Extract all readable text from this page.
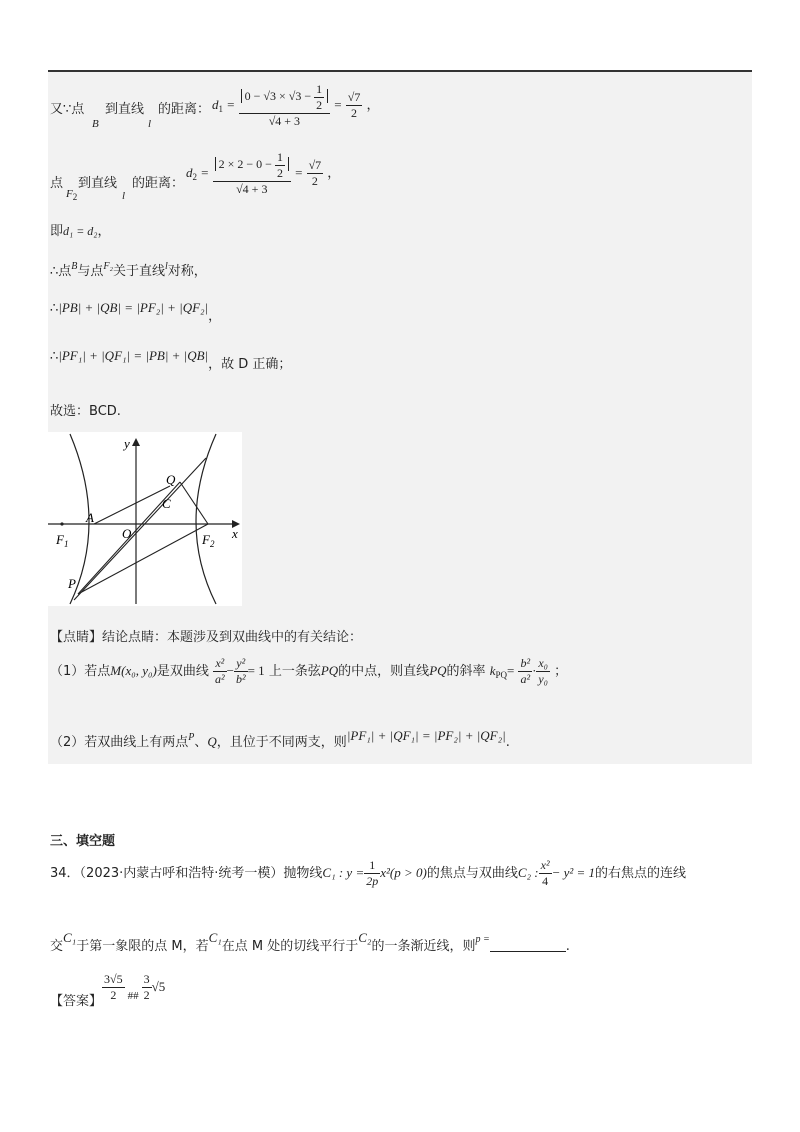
又∵点
B
到直线
l
的距离： $d_1 = \frac{0 - √3 \times √3 - \frac{1}{2}}{√4 + 3} = \frac{√7}{2}$ ，
点
$F_2$
到直线
l
的距离：
$d_2 = \frac{2 \times 2 - 0 - \frac{1}{2}}{√4 + 3} = \frac{√7}{2}$ ，
即d₁ = d₂，
∴点$^B$与点$^{F_2}$关于直线$^l$对称，
∴|PB| + |QB| = |PF₂| + |QF₂|，
∴|PF₁| + |QF₁| = |PB| + |QB|，故 D 正确；
故选：BCD.
y
x
Q
C
A
O
$F_1$	$F_2$
P
【点睛】结论点睛：本题涉及到双曲线中的有关结论：
（1）若点M(x₀, y₀)是双曲线 $\frac{\text{x²}}{\text{a²}} - \frac{\text{y²}}{\text{b²}} = 1$ 上一条弦PQ的中点，则直线PQ的斜率 $k_{PQ}= \frac{\text{b²}}{\text{a²}} \cdot \frac{\text{x₀}}{\text{y₀}}$ ；
（2）若双曲线上有两点$^P$、Q，且位于不同两支，则|PF₁| + |QF₁| = |PF₂| + |QF₂|.
三、填空题
34．（2023·内蒙古呼和浩特·统考一模）抛物线C₁ : $y = \frac{1}{2p} x^2(p > 0)$的焦点与双曲线C₂ : $\frac{\text{x²}}{4} - y^2 = 1$的右焦点的连线
交C₁于第一象限的点 M，若C₁在点 M 处的切线平行于C₂的一条渐近线，则$^{p =}$	.
【答案】 $\frac{3√5}{2} _{\#\#} \frac{3}{2} √5$
